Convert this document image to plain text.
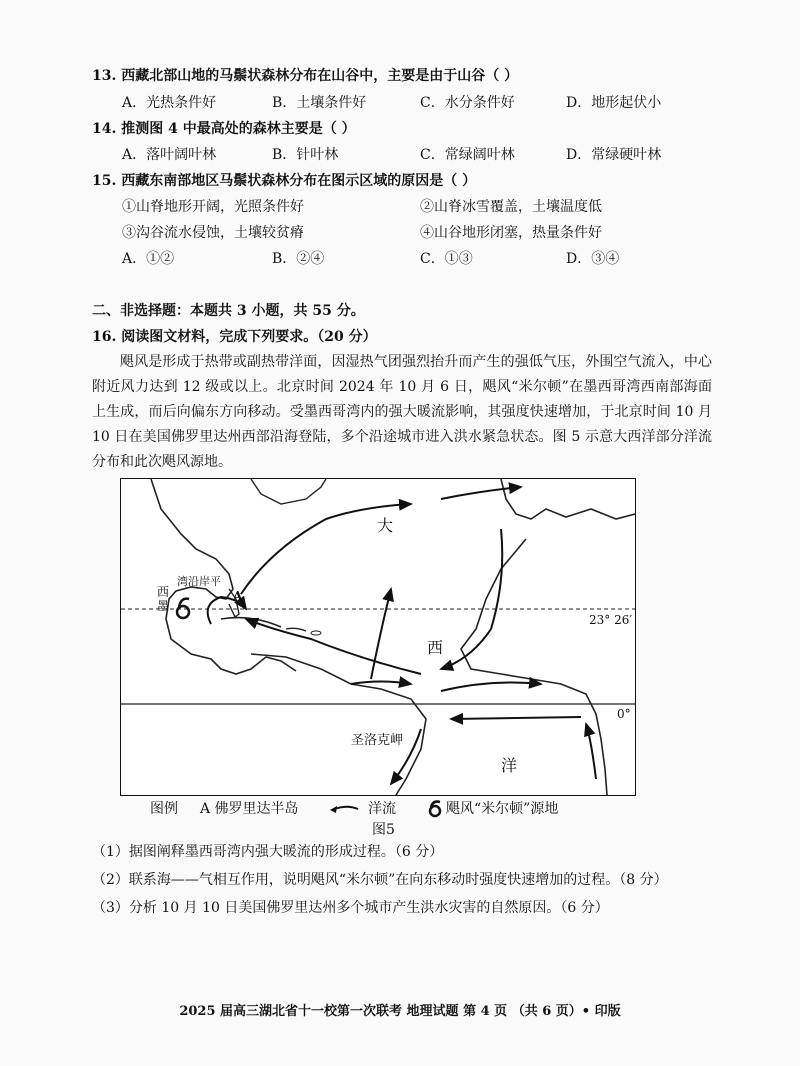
13. 西藏北部山地的马鬃状森林分布在山谷中，主要是由于山谷（ ）
A．光热条件好	B．土壤条件好	C．水分条件好	D．地形起伏小
14. 推测图 4 中最高处的森林主要是（ ）
A．落叶阔叶林	B．针叶林	C．常绿阔叶林	D．常绿硬叶林
15. 西藏东南部地区马鬃状森林分布在图示区域的原因是（ ）
①山脊地形开阔，光照条件好	②山脊冰雪覆盖，土壤温度低
③沟谷流水侵蚀，土壤较贫瘠	④山谷地形闭塞，热量条件好
A．①②	B．②④	C．①③	D．③④
二、非选择题：本题共 3 小题，共 55 分。
16. 阅读图文材料，完成下列要求。（20 分）

飓风是形成于热带或副热带洋面，因湿热气团强烈抬升而产生的强低气压，外围空气流入，中心附近风力达到 12 级或以上。北京时间 2024 年 10 月 6 日，飓风“米尔顿”在墨西哥湾西南部海面上生成，而后向偏东方向移动。受墨西哥湾内的强大暖流影响，其强度快速增加，于北京时间 10 月 10 日在美国佛罗里达州西部沿海登陆，多个沿途城市进入洪水紧急状态。图 5 示意大西洋部分洋流分布和此次飓风源地。

大
西
洋
23° 26′
0°
圣洛克岬
西
墨
湾沿岸平
A
图例 A 佛罗里达半岛	洋流	飓风“米尔顿”源地
图5
（1）据图阐释墨西哥湾内强大暖流的形成过程。（6 分）
（2）联系海——气相互作用，说明飓风“米尔顿”在向东移动时强度快速增加的过程。（8 分）
（3）分析 10 月 10 日美国佛罗里达州多个城市产生洪水灾害的自然原因。（6 分）
2025 届高三湖北省十一校第一次联考 地理试题 第 4 页 （共 6 页）• 印版
